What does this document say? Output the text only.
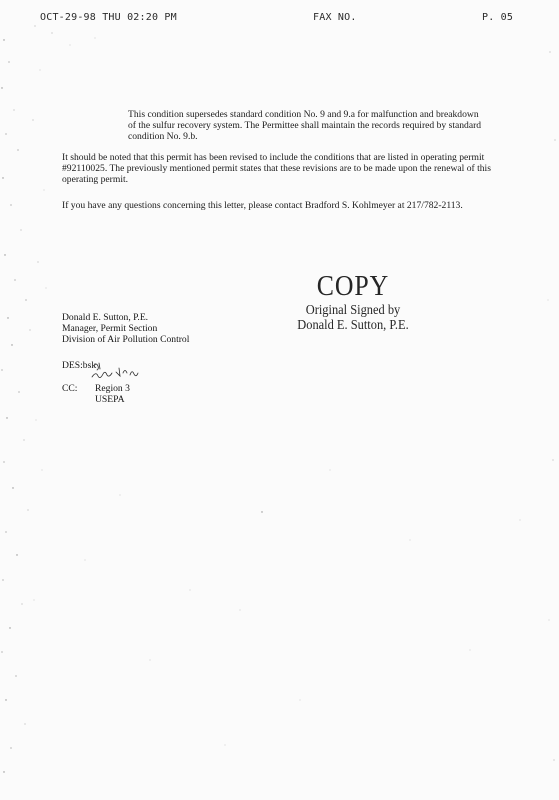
OCT-29-98 THU 02:20 PM	FAX NO.	P. 05
This condition supersedes standard condition No. 9 and 9.a for malfunction and breakdown of the sulfur recovery system. The Permittee shall maintain the records required by standard condition No. 9.b.
It should be noted that this permit has been revised to include the conditions that are listed in operating permit #92110025. The previously mentioned permit states that these revisions are to be made upon the renewal of this operating permit.
If you have any questions concerning this letter, please contact Bradford S. Kohlmeyer at 217/782-2113.
COPY
Original Signed by
Donald E. Sutton, P.E.
Donald E. Sutton, P.E.
Manager, Permit Section
Division of Air Pollution Control
DES:bsk
CC: Region 3
USEPA
